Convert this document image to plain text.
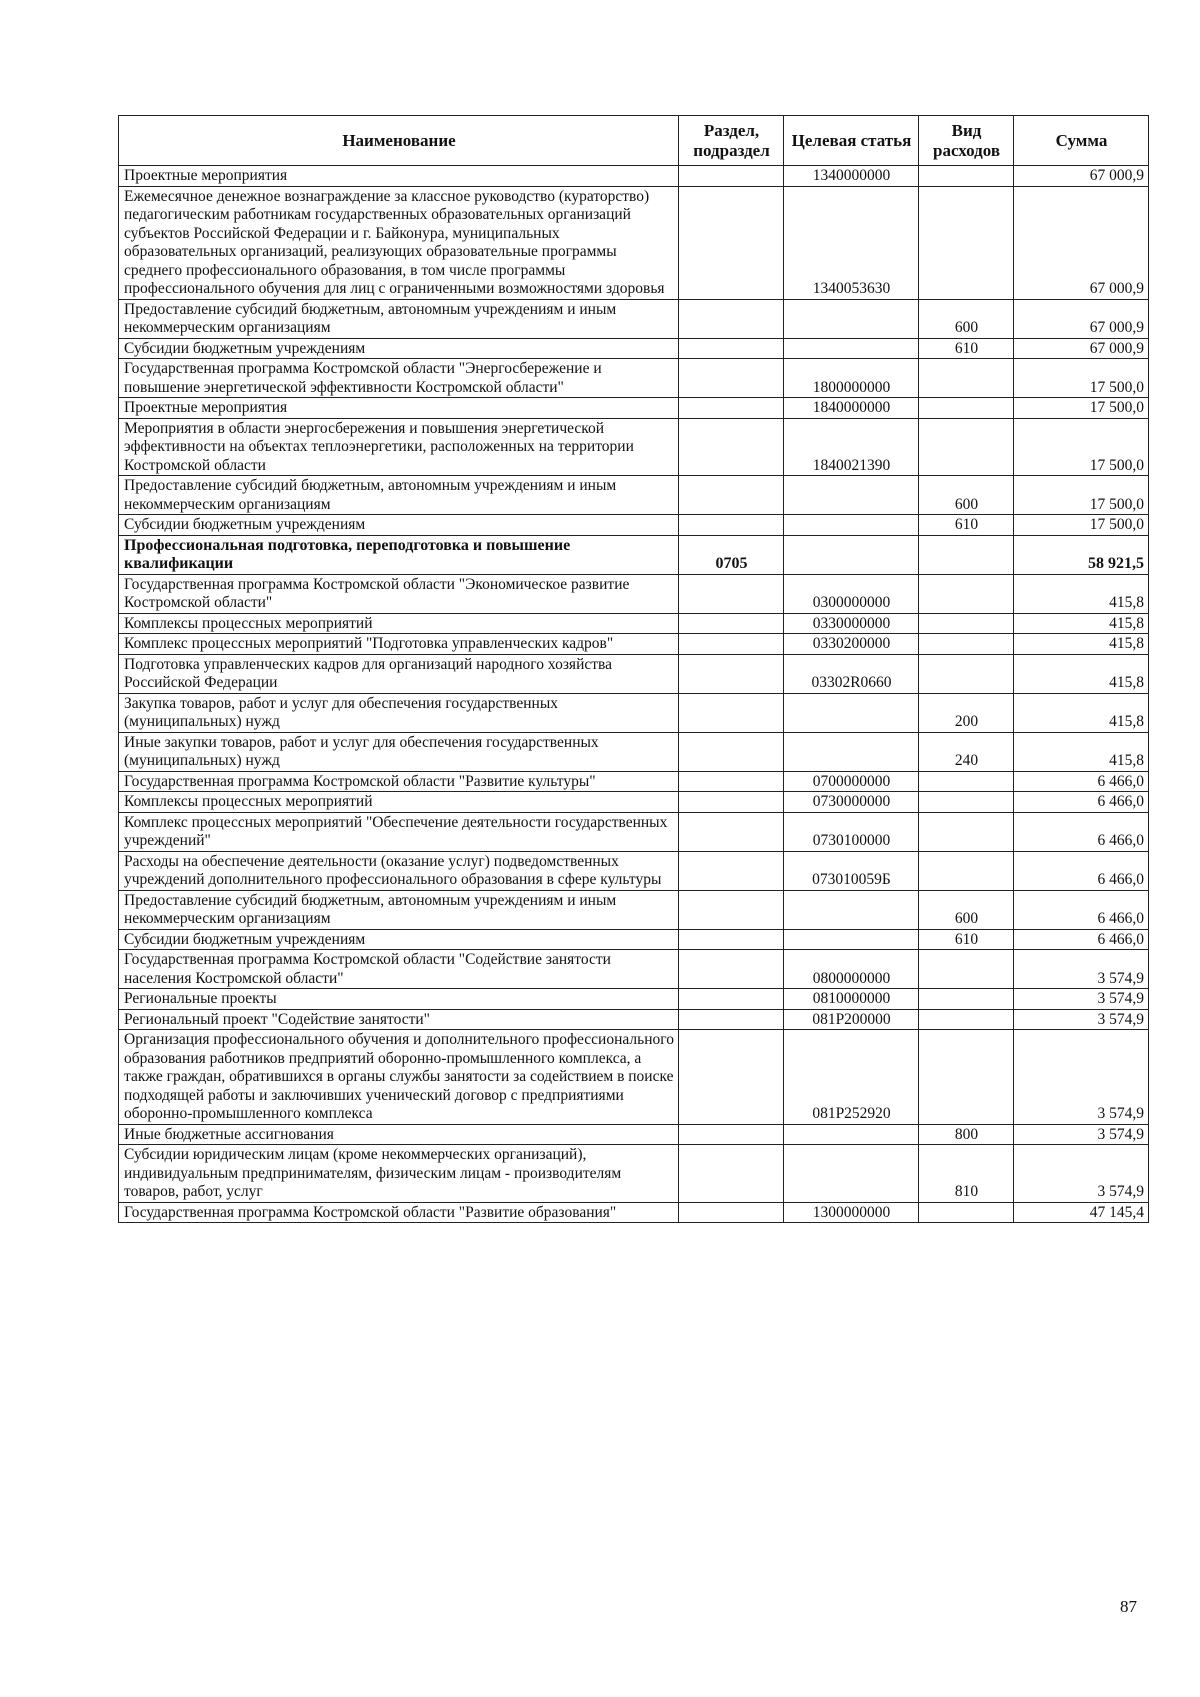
Наименование	Раздел, подраздел	Целевая статья	Вид расходов	Сумма
Проектные мероприятия		1340000000		67 000,9
Ежемесячное денежное вознаграждение за классное руководство (кураторство) педагогическим работникам государственных образовательных организаций субъектов Российской Федерации и г. Байконура, муниципальных образовательных организаций, реализующих образовательные программы среднего профессионального образования, в том числе программы профессионального обучения для лиц с ограниченными возможностями здоровья		1340053630		67 000,9
Предоставление субсидий бюджетным, автономным учреждениям и иным некоммерческим организациям			600	67 000,9
Субсидии бюджетным учреждениям			610	67 000,9
Государственная программа Костромской области "Энергосбережение и повышение энергетической эффективности Костромской области"		1800000000		17 500,0
Проектные мероприятия		1840000000		17 500,0
Мероприятия в области энергосбережения и повышения энергетической эффективности на объектах теплоэнергетики, расположенных на территории Костромской области		1840021390		17 500,0
Предоставление субсидий бюджетным, автономным учреждениям и иным некоммерческим организациям			600	17 500,0
Субсидии бюджетным учреждениям			610	17 500,0
Профессиональная подготовка, переподготовка и повышение квалификации	0705			58 921,5
Государственная программа Костромской области "Экономическое развитие Костромской области"		0300000000		415,8
Комплексы процессных мероприятий		0330000000		415,8
Комплекс процессных мероприятий "Подготовка управленческих кадров"		0330200000		415,8
Подготовка управленческих кадров для организаций народного хозяйства Российской Федерации		03302R0660		415,8
Закупка товаров, работ и услуг для обеспечения государственных (муниципальных) нужд			200	415,8
Иные закупки товаров, работ и услуг для обеспечения государственных (муниципальных) нужд			240	415,8
Государственная программа Костромской области "Развитие культуры"		0700000000		6 466,0
Комплексы процессных мероприятий		0730000000		6 466,0
Комплекс процессных мероприятий "Обеспечение деятельности государственных учреждений"		0730100000		6 466,0
Расходы на обеспечение деятельности (оказание услуг) подведомственных учреждений дополнительного профессионального образования в сфере культуры		073010059Б		6 466,0
Предоставление субсидий бюджетным, автономным учреждениям и иным некоммерческим организациям			600	6 466,0
Субсидии бюджетным учреждениям			610	6 466,0
Государственная программа Костромской области "Содействие занятости населения Костромской области"		0800000000		3 574,9
Региональные проекты		0810000000		3 574,9
Региональный проект "Содействие занятости"		081P200000		3 574,9
Организация профессионального обучения и дополнительного профессионального образования работников предприятий оборонно-промышленного комплекса, а также граждан, обратившихся в органы службы занятости за содействием в поиске подходящей работы и заключивших ученический договор с предприятиями оборонно-промышленного комплекса		081P252920		3 574,9
Иные бюджетные ассигнования			800	3 574,9
Субсидии юридическим лицам (кроме некоммерческих организаций), индивидуальным предпринимателям, физическим лицам - производителям товаров, работ, услуг			810	3 574,9
Государственная программа Костромской области "Развитие образования"		1300000000		47 145,4
87
